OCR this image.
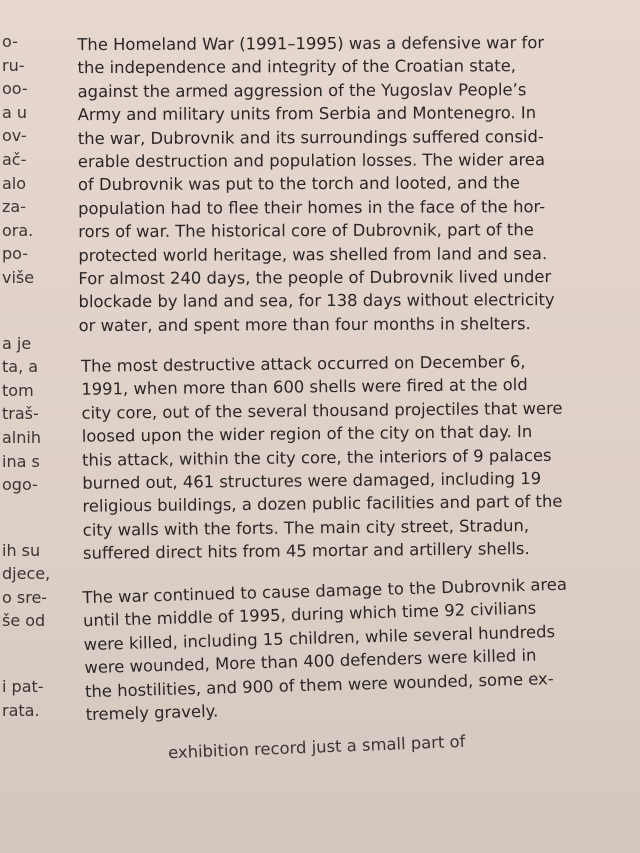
o-
ru-
oo-
a u
ov-
ač-
alo
za-
ora.
po-
više
a je
ta, a
tom
traš-
alnih
ina s
ogo-
ih su
djece,
o sre-
še od
i pat-
rata.
The Homeland War (1991–1995) was a defensive war for
the independence and integrity of the Croatian state,
against the armed aggression of the Yugoslav People’s
Army and military units from Serbia and Montenegro. In
the war, Dubrovnik and its surroundings suffered consid-
erable destruction and population losses. The wider area
of Dubrovnik was put to the torch and looted, and the
population had to flee their homes in the face of the hor-
rors of war. The historical core of Dubrovnik, part of the
protected world heritage, was shelled from land and sea.
For almost 240 days, the people of Dubrovnik lived under
blockade by land and sea, for 138 days without electricity
or water, and spent more than four months in shelters.
The most destructive attack occurred on December 6,
1991, when more than 600 shells were fired at the old
city core, out of the several thousand projectiles that were
loosed upon the wider region of the city on that day. In
this attack, within the city core, the interiors of 9 palaces
burned out, 461 structures were damaged, including 19
religious buildings, a dozen public facilities and part of the
city walls with the forts. The main city street, Stradun,
suffered direct hits from 45 mortar and artillery shells.
The war continued to cause damage to the Dubrovnik area
until the middle of 1995, during which time 92 civilians
were killed, including 15 children, while several hundreds
were wounded, More than 400 defenders were killed in
the hostilities, and 900 of them were wounded, some ex-
tremely gravely.
exhibition record just a small part of
